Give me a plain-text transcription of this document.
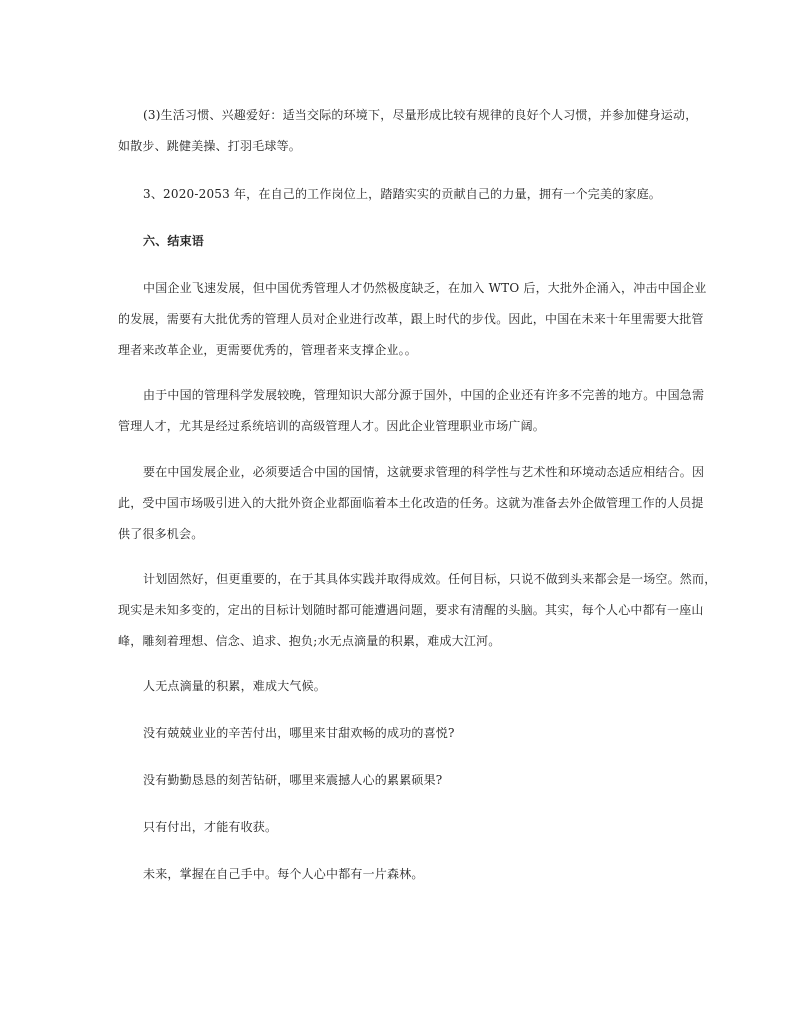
(3)生活习惯、兴趣爱好：适当交际的环境下，尽量形成比较有规律的良好个人习惯，并参加健身运动，
如散步、跳健美操、打羽毛球等。
3、2020-2053 年，在自己的工作岗位上，踏踏实实的贡献自己的力量，拥有一个完美的家庭。
六、结束语
中国企业飞速发展，但中国优秀管理人才仍然极度缺乏，在加入 WTO 后，大批外企涌入，冲击中国企业
的发展，需要有大批优秀的管理人员对企业进行改革，跟上时代的步伐。因此，中国在未来十年里需要大批管
理者来改革企业，更需要优秀的，管理者来支撑企业。。
由于中国的管理科学发展较晚，管理知识大部分源于国外，中国的企业还有许多不完善的地方。中国急需
管理人才，尤其是经过系统培训的高级管理人才。因此企业管理职业市场广阔。
要在中国发展企业，必须要适合中国的国情，这就要求管理的科学性与艺术性和环境动态适应相结合。因
此，受中国市场吸引进入的大批外资企业都面临着本土化改造的任务。这就为准备去外企做管理工作的人员提
供了很多机会。
计划固然好，但更重要的，在于其具体实践并取得成效。任何目标，只说不做到头来都会是一场空。然而，
现实是未知多变的，定出的目标计划随时都可能遭遇问题，要求有清醒的头脑。其实，每个人心中都有一座山
峰，雕刻着理想、信念、追求、抱负;水无点滴量的积累，难成大江河。
人无点滴量的积累，难成大气候。
没有兢兢业业的辛苦付出，哪里来甘甜欢畅的成功的喜悦?
没有勤勤恳恳的刻苦钻研，哪里来震撼人心的累累硕果?
只有付出，才能有收获。
未来，掌握在自己手中。每个人心中都有一片森林。
